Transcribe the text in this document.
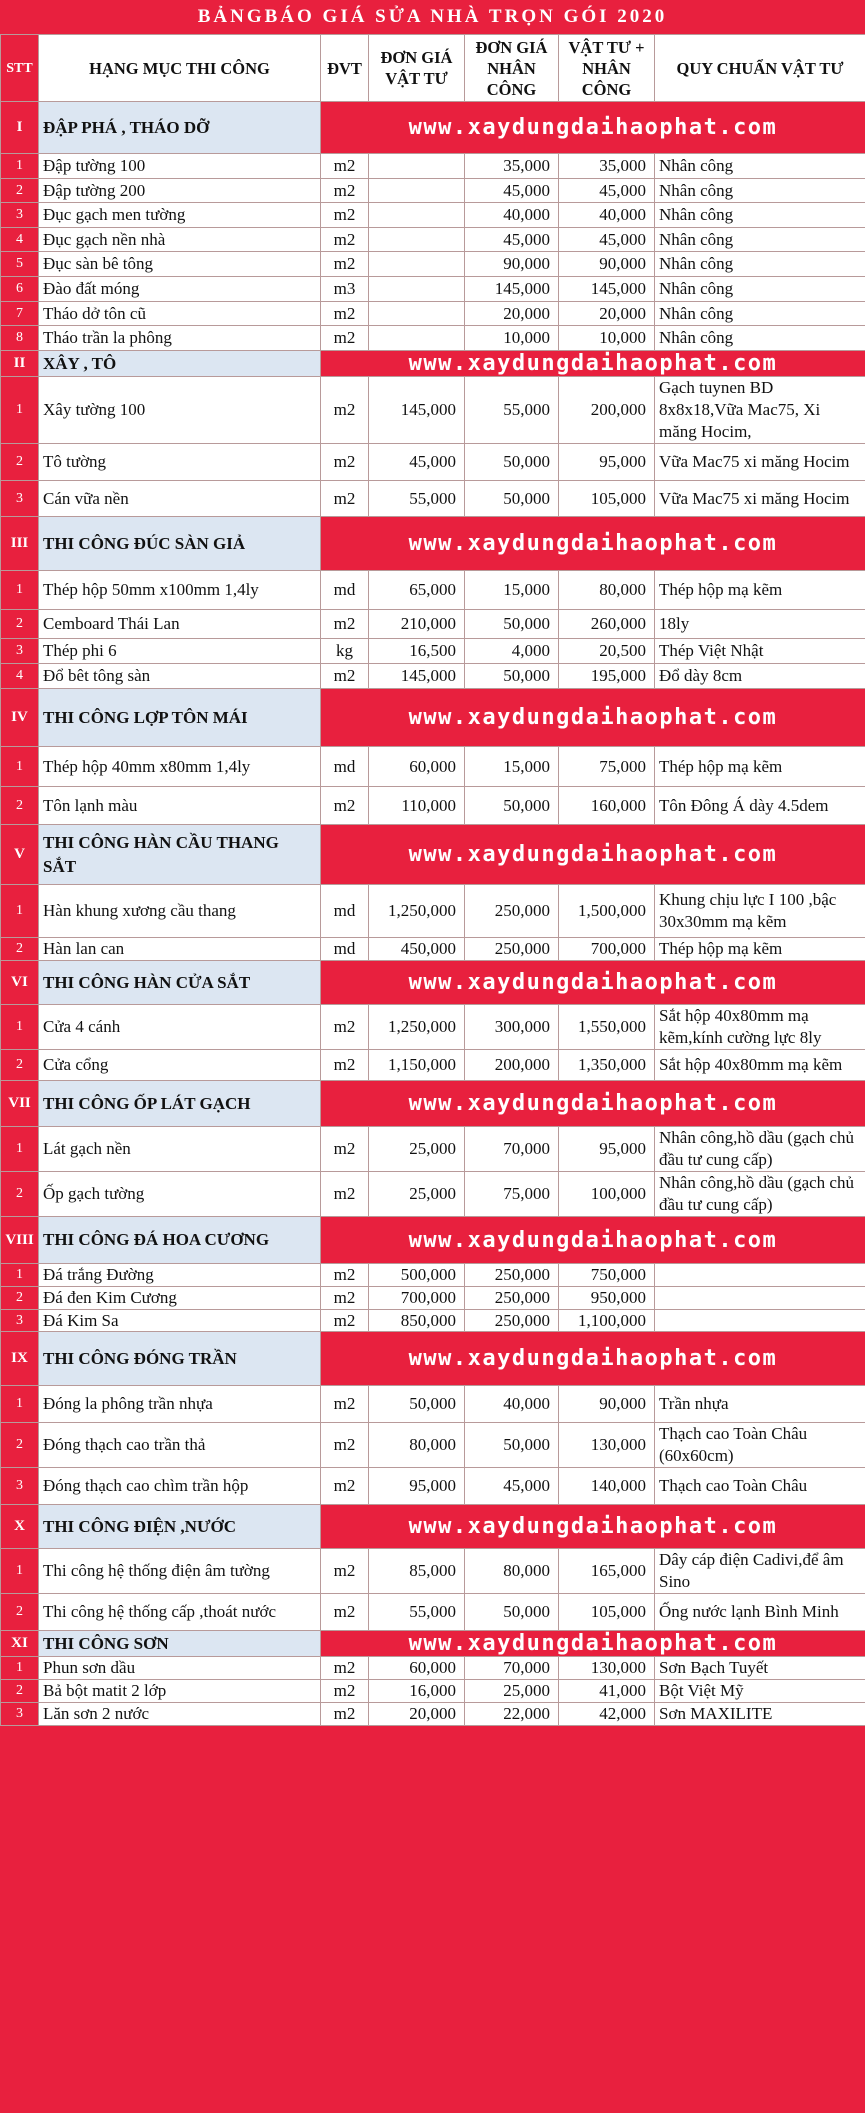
BẢNGBÁO GIÁ SỬA NHÀ TRỌN GÓI 2020
STT	HẠNG MỤC THI CÔNG	ĐVT	ĐƠN GIÁ VẬT TƯ	ĐƠN GIÁ NHÂN CÔNG	VẬT TƯ + NHÂN CÔNG	QUY CHUẨN VẬT TƯ
I	ĐẬP PHÁ , THÁO DỠ	www.xaydungdaihaophat.com				
1	Đập tường 100	m2		35,000	35,000	Nhân công
2	Đập tường 200	m2		45,000	45,000	Nhân công
3	Đục gạch men tường	m2		40,000	40,000	Nhân công
4	Đục gạch nền nhà	m2		45,000	45,000	Nhân công
5	Đục sàn bê tông	m2		90,000	90,000	Nhân công
6	Đào đất móng	m3		145,000	145,000	Nhân công
7	Tháo dở tôn cũ	m2		20,000	20,000	Nhân công
8	Tháo trần la phông	m2		10,000	10,000	Nhân công
II	XÂY , TÔ	www.xaydungdaihaophat.com				
1	Xây tường 100	m2	145,000	55,000	200,000	Gạch tuynen BD 8x8x18,Vữa Mac75, Xi măng Hocim,
2	Tô tường	m2	45,000	50,000	95,000	Vữa Mac75 xi măng Hocim
3	Cán vữa nền	m2	55,000	50,000	105,000	Vữa Mac75 xi măng Hocim
III	THI CÔNG ĐÚC SÀN GIẢ	www.xaydungdaihaophat.com				
1	Thép hộp 50mm x100mm 1,4ly	md	65,000	15,000	80,000	Thép hộp mạ kẽm
2	Cemboard Thái Lan	m2	210,000	50,000	260,000	18ly
3	Thép phi 6	kg	16,500	4,000	20,500	Thép Việt Nhật
4	Đổ bêt tông sàn	m2	145,000	50,000	195,000	Đổ dày 8cm
IV	THI CÔNG LỢP TÔN MÁI	www.xaydungdaihaophat.com				
1	Thép hộp 40mm x80mm 1,4ly	md	60,000	15,000	75,000	Thép hộp mạ kẽm
2	Tôn lạnh màu	m2	110,000	50,000	160,000	Tôn Đông Á dày 4.5dem
V	THI CÔNG HÀN CẦU THANG SẮT	www.xaydungdaihaophat.com				
1	Hàn khung xương cầu thang	md	1,250,000	250,000	1,500,000	Khung chịu lực I 100 ,bậc 30x30mm mạ kẽm
2	Hàn lan can	md	450,000	250,000	700,000	Thép hộp mạ kẽm
VI	THI CÔNG HÀN CỬA SẮT	www.xaydungdaihaophat.com				
1	Cửa 4 cánh	m2	1,250,000	300,000	1,550,000	Sắt hộp 40x80mm mạ kẽm,kính cường lực 8ly
2	Cửa cổng	m2	1,150,000	200,000	1,350,000	Sắt hộp 40x80mm mạ kẽm
VII	THI CÔNG ỐP LÁT GẠCH	www.xaydungdaihaophat.com				
1	Lát gạch nền	m2	25,000	70,000	95,000	Nhân công,hồ dầu (gạch chủ đầu tư cung cấp)
2	Ốp gạch tường	m2	25,000	75,000	100,000	Nhân công,hồ dầu (gạch chủ đầu tư cung cấp)
VIII	THI CÔNG ĐÁ HOA CƯƠNG	www.xaydungdaihaophat.com				
1	Đá trắng Đường	m2	500,000	250,000	750,000	
2	Đá đen Kim Cương	m2	700,000	250,000	950,000	
3	Đá Kim Sa	m2	850,000	250,000	1,100,000	
IX	THI CÔNG ĐÓNG TRẦN	www.xaydungdaihaophat.com				
1	Đóng la phông trần nhựa	m2	50,000	40,000	90,000	Trần nhựa
2	Đóng thạch cao trần thả	m2	80,000	50,000	130,000	Thạch cao Toàn Châu (60x60cm)
3	Đóng thạch cao chìm trần hộp	m2	95,000	45,000	140,000	Thạch cao Toàn Châu
X	THI CÔNG ĐIỆN ,NƯỚC	www.xaydungdaihaophat.com				
1	Thi công hệ thống điện âm tường	m2	85,000	80,000	165,000	Dây cáp điện Cadivi,để âm Sino
2	Thi công hệ thống cấp ,thoát nước	m2	55,000	50,000	105,000	Ống nước lạnh Bình Minh
XI	THI CÔNG SƠN	www.xaydungdaihaophat.com				
1	Phun sơn dầu	m2	60,000	70,000	130,000	Sơn Bạch Tuyết
2	Bả bột matit 2 lớp	m2	16,000	25,000	41,000	Bột Việt Mỹ
3	Lăn sơn 2 nước	m2	20,000	22,000	42,000	Sơn MAXILITE
